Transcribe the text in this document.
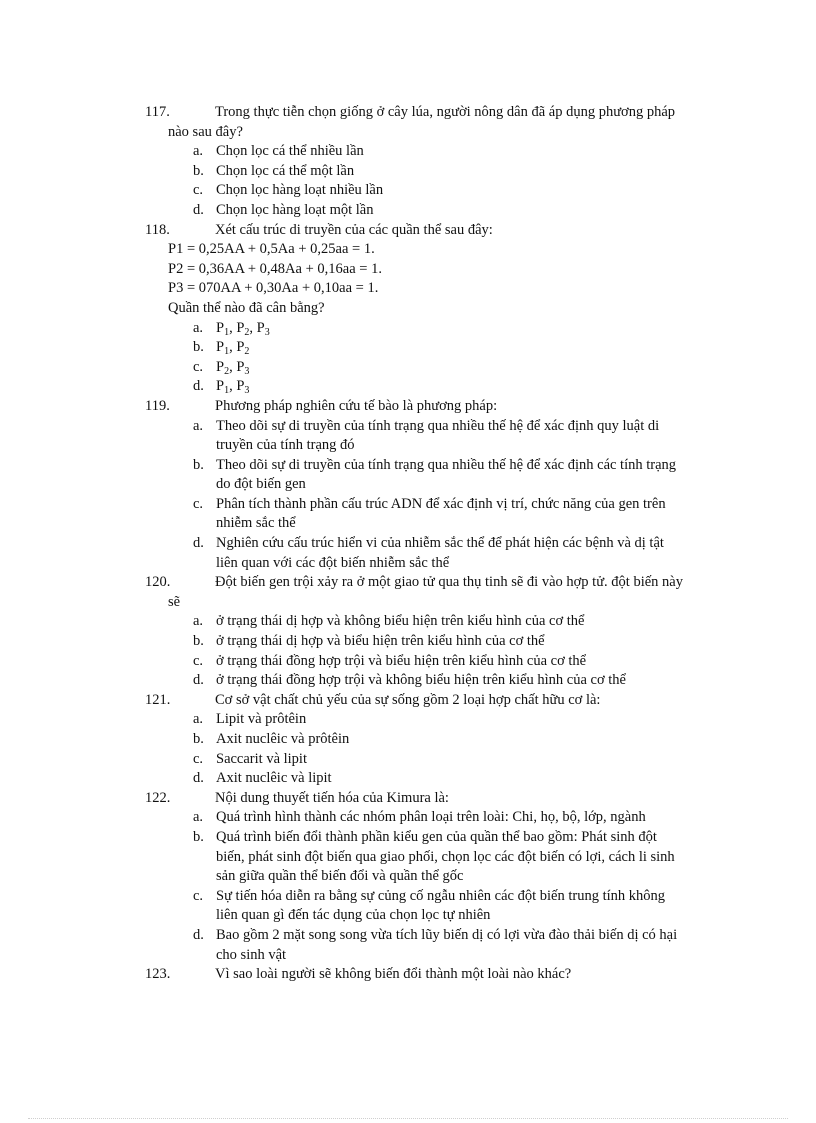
117.	Trong thực tiễn chọn giống ở cây lúa, người nông dân đã áp dụng phương pháp nào sau đây?
a. Chọn lọc cá thể nhiều lần
b. Chọn lọc cá thể một lần
c. Chọn lọc hàng loạt nhiều lần
d. Chọn lọc hàng loạt một lần
118.	Xét cấu trúc di truyền của các quần thể sau đây:
P1 = 0,25AA + 0,5Aa + 0,25aa = 1.
P2 = 0,36AA + 0,48Aa + 0,16aa = 1.
P3 = 070AA + 0,30Aa + 0,10aa = 1.
Quần thể nào đã cân bằng?
a. $P_1$, $P_2$, $P_3$
b. $P_1$, $P_2$
c. $P_2$, $P_3$
d. $P_1$, $P_3$
119.	Phương pháp nghiên cứu tế bào là phương pháp:
a. Theo dõi sự di truyền của tính trạng qua nhiều thế hệ để xác định quy luật di truyền của tính trạng đó
b. Theo dõi sự di truyền của tính trạng qua nhiều thế hệ để xác định các tính trạng do đột biến gen
c. Phân tích thành phần cấu trúc ADN để xác định vị trí, chức năng của gen trên nhiễm sắc thể
d. Nghiên cứu cấu trúc hiển vi của nhiễm sắc thể để phát hiện các bệnh và dị tật liên quan với các đột biến nhiễm sắc thể
120.	Đột biến gen trội xảy ra ở một giao tử qua thụ tinh sẽ đi vào hợp tử. đột biến này sẽ
a. ở trạng thái dị hợp và không biểu hiện trên kiểu hình của cơ thể
b. ở trạng thái dị hợp và biểu hiện trên kiểu hình của cơ thể
c. ở trạng thái đồng hợp trội và biểu hiện trên kiểu hình của cơ thể
d. ở trạng thái đồng hợp trội và không biểu hiện trên kiểu hình của cơ thể
121.	Cơ sở vật chất chủ yếu của sự sống gồm 2 loại hợp chất hữu cơ là:
a. Lipit và prôtêin
b. Axit nuclêic và prôtêin
c. Saccarit và lipit
d. Axit nuclêic và lipit
122.	Nội dung thuyết tiến hóa của Kimura là:
a. Quá trình hình thành các nhóm phân loại trên loài: Chi, họ, bộ, lớp, ngành
b. Quá trình biến đổi thành phần kiểu gen của quần thể bao gồm: Phát sinh đột biến, phát sinh đột biến qua giao phối, chọn lọc các đột biến có lợi, cách li sinh sản giữa quần thể biến đổi và quần thể gốc
c. Sự tiến hóa diễn ra bằng sự củng cố ngẫu nhiên các đột biến trung tính không liên quan gì đến tác dụng của chọn lọc tự nhiên
d. Bao gồm 2 mặt song song vừa tích lũy biến dị có lợi vừa đào thải biến dị có hại cho sinh vật
123.	Vì sao loài người sẽ không biến đổi thành một loài nào khác?
